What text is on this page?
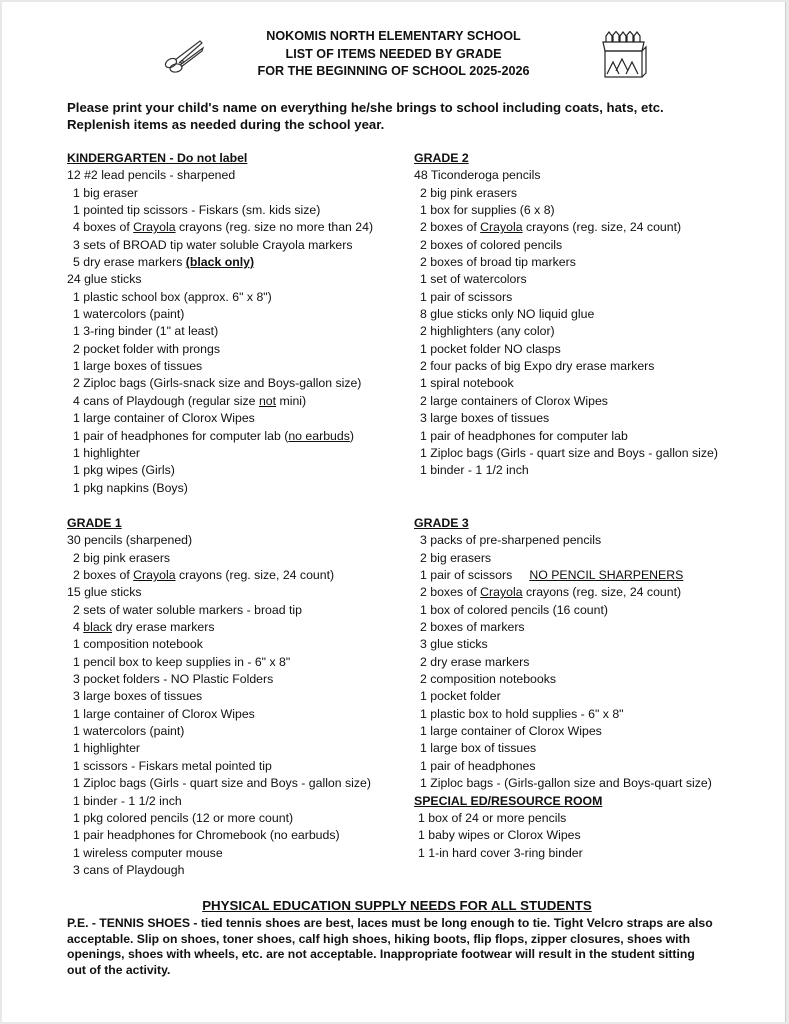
NOKOMIS NORTH ELEMENTARY SCHOOL
LIST OF ITEMS NEEDED BY GRADE
FOR THE BEGINNING OF SCHOOL 2025-2026
Please print your child's name on everything he/she brings to school including coats, hats, etc.
Replenish items as needed during the school year.
KINDERGARTEN - Do not label
12 #2 lead pencils - sharpened
1 big eraser
1 pointed tip scissors - Fiskars (sm. kids size)
4 boxes of Crayola crayons (reg. size no more than 24)
3 sets of BROAD tip water soluble Crayola markers
5 dry erase markers (black only)
24 glue sticks
1 plastic school box (approx. 6" x 8")
1 watercolors (paint)
1 3-ring binder (1" at least)
2 pocket folder with prongs
1 large boxes of tissues
2 Ziploc bags (Girls-snack size and Boys-gallon size)
4 cans of Playdough (regular size not mini)
1 large container of Clorox Wipes
1 pair of headphones for computer lab (no earbuds)
1 highlighter
1 pkg wipes (Girls)
1 pkg napkins (Boys)
GRADE 2
48 Ticonderoga pencils
2 big pink erasers
1 box for supplies (6 x 8)
2 boxes of Crayola crayons (reg. size, 24 count)
2 boxes of colored pencils
2 boxes of broad tip markers
1 set of watercolors
1 pair of scissors
8 glue sticks only NO liquid glue
2 highlighters (any color)
1 pocket folder NO clasps
2 four packs of big Expo dry erase markers
1 spiral notebook
2 large containers of Clorox Wipes
3 large boxes of tissues
1 pair of headphones for computer lab
1 Ziploc bags (Girls - quart size and Boys - gallon size)
1 binder - 1 1/2 inch
GRADE 1
30 pencils (sharpened)
2 big pink erasers
2 boxes of Crayola crayons (reg. size, 24 count)
15 glue sticks
2 sets of water soluble markers - broad tip
4 black dry erase markers
1 composition notebook
1 pencil box to keep supplies in - 6" x 8"
3 pocket folders - NO Plastic Folders
3 large boxes of tissues
1 large container of Clorox Wipes
1 watercolors (paint)
1 highlighter
1 scissors - Fiskars metal pointed tip
1 Ziploc bags (Girls - quart size and Boys - gallon size)
1 binder - 1 1/2 inch
1 pkg colored pencils (12 or more count)
1 pair headphones for Chromebook (no earbuds)
1 wireless computer mouse
3 cans of Playdough
GRADE 3
3 packs of pre-sharpened pencils
2 big erasers
1 pair of scissors     NO PENCIL SHARPENERS
2 boxes of Crayola crayons (reg. size, 24 count)
1 box of colored pencils (16 count)
2 boxes of markers
3 glue sticks
2 dry erase markers
2 composition notebooks
1 pocket folder
1 plastic box to hold supplies - 6" x 8"
1 large container of Clorox Wipes
1 large box of tissues
1 pair of headphones
1 Ziploc bags - (Girls-gallon size and Boys-quart size)
SPECIAL ED/RESOURCE ROOM
1 box of 24 or more pencils
1 baby wipes or Clorox Wipes
1 1-in hard cover 3-ring binder
PHYSICAL EDUCATION SUPPLY NEEDS FOR ALL STUDENTS
P.E. - TENNIS SHOES - tied tennis shoes are best, laces must be long enough to tie. Tight Velcro straps are also acceptable. Slip on shoes, toner shoes, calf high shoes, hiking boots, flip flops, zipper closures, shoes with openings, shoes with wheels, etc. are not acceptable. Inappropriate footwear will result in the student sitting out of the activity.
